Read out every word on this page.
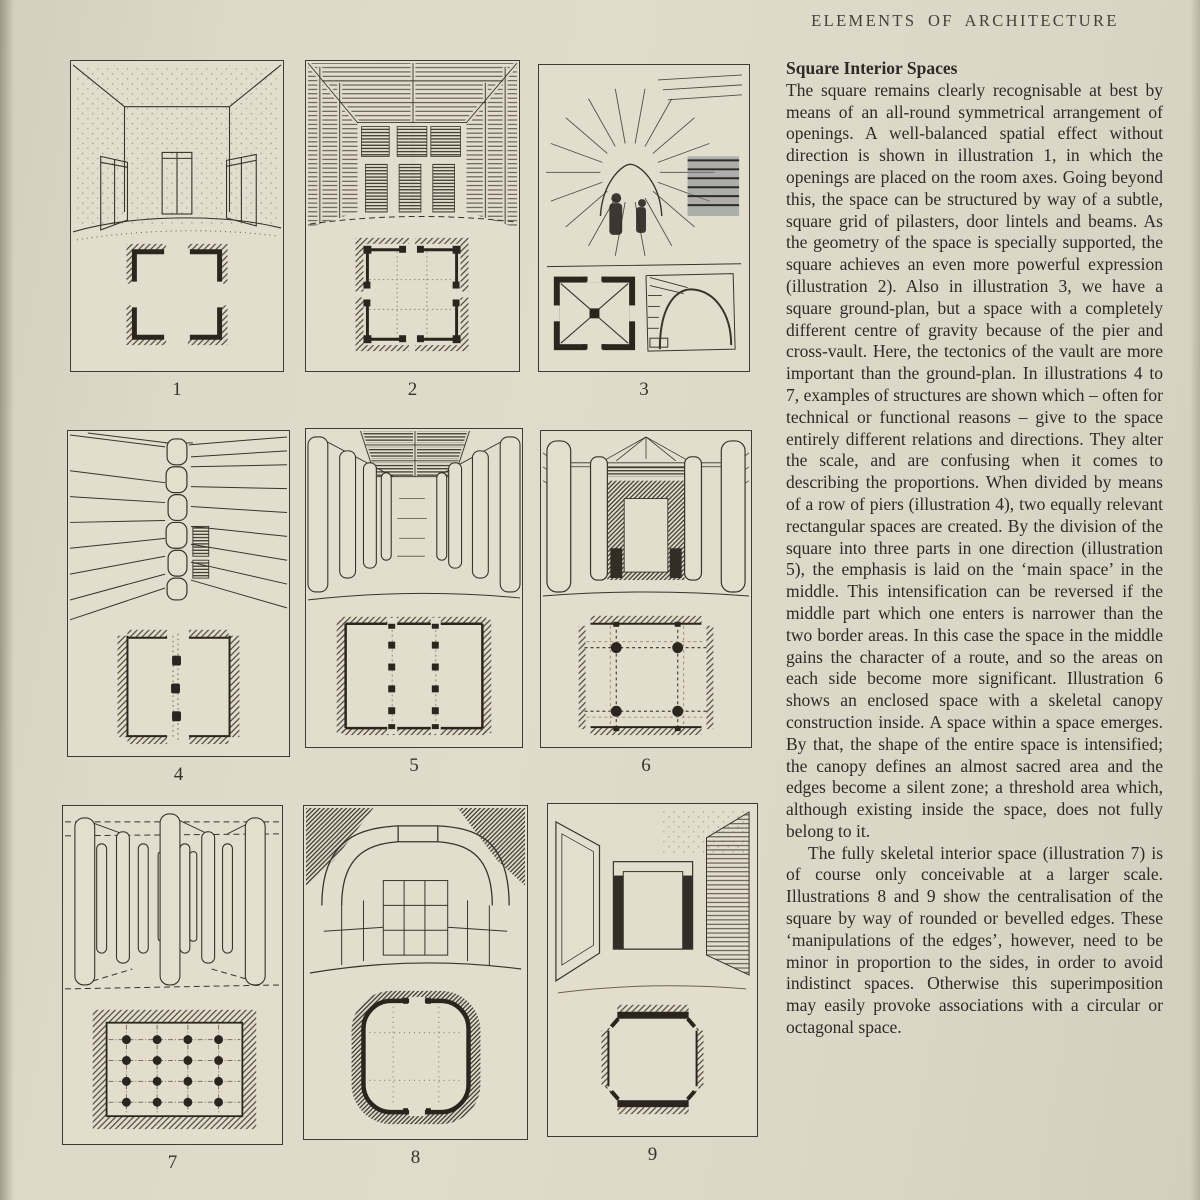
ELEMENTS OF ARCHITECTURE
1	2	3
4	5	6
7	8	9
Square Interior Spaces

The square remains clearly recognisable at best by means of an all-round symmetrical arrangement of openings. A well-balanced spatial effect without direction is shown in illustration 1, in which the openings are placed on the room axes. Going beyond this, the space can be structured by way of a subtle, square grid of pilasters, door lintels and beams. As the geometry of the space is specially supported, the square achieves an even more powerful expression (illustration 2). Also in illustration 3, we have a square ground-plan, but a space with a completely different centre of gravity because of the pier and cross-vault. Here, the tectonics of the vault are more important than the ground-plan. In illustrations 4 to 7, examples of structures are shown which – often for technical or functional reasons – give to the space entirely different relations and directions. They alter the scale, and are confusing when it comes to describing the proportions. When divided by means of a row of piers (illustration 4), two equally relevant rectangular spaces are created. By the division of the square into three parts in one direction (illustration 5), the emphasis is laid on the ‘main space’ in the middle. This intensification can be reversed if the middle part which one enters is narrower than the two border areas. In this case the space in the middle gains the character of a route, and so the areas on each side become more significant. Illustration 6 shows an enclosed space with a skeletal canopy construction inside. A space within a space emerges. By that, the shape of the entire space is intensified; the canopy defines an almost sacred area and the edges become a silent zone; a threshold area which, although existing inside the space, does not fully belong to it.

The fully skeletal interior space (illustration 7) is of course only conceivable at a larger scale. Illustrations 8 and 9 show the centralisation of the square by way of rounded or bevelled edges. These ‘manipulations of the edges’, however, need to be minor in proportion to the sides, in order to avoid indistinct spaces. Otherwise this superimposition may easily provoke associations with a circular or octagonal space.
